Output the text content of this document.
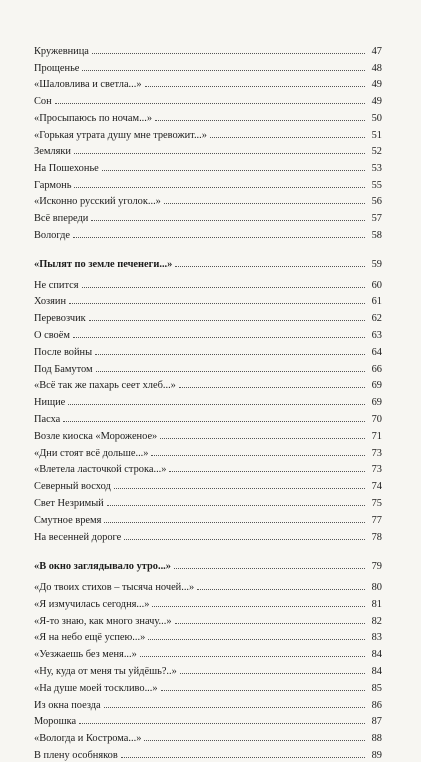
Кружевница	47
Прощенье	48
«Шаловлива и светла...»	49
Сон	49
«Просыпаюсь по ночам...»	50
«Горькая утрата душу мне тревожит...»	51
Земляки	52
На Пошехонье	53
Гармонь	55
«Исконно русский уголок...»	56
Всё впереди	57
Вологде	58
«Пылят по земле печенеги...»	59
Не спится	60
Хозяин	61
Перевозчик	62
О своём	63
После войны	64
Под Бамутом	66
«Всё так же пахарь сеет хлеб...»	69
Нищие	69
Пасха	70
Возле киоска «Мороженое»	71
«Дни стоят всё дольше...»	73
«Влетела ласточкой строка...»	73
Северный восход	74
Свет Незримый	75
Смутное время	77
На весенней дороге	78
«В окно заглядывало утро...»	79
«До твоих стихов – тысяча ночей...»	80
«Я измучилась сегодня...»	81
«Я-то знаю, как много значу...»	82
«Я на небо ещё успею...»	83
«Уезжаешь без меня...»	84
«Ну, куда от меня ты уйдёшь?..»	84
«На душе моей тоскливо...»	85
Из окна поезда	86
Морошка	87
«Вологда и Кострома...»	88
В плену особняков	89
